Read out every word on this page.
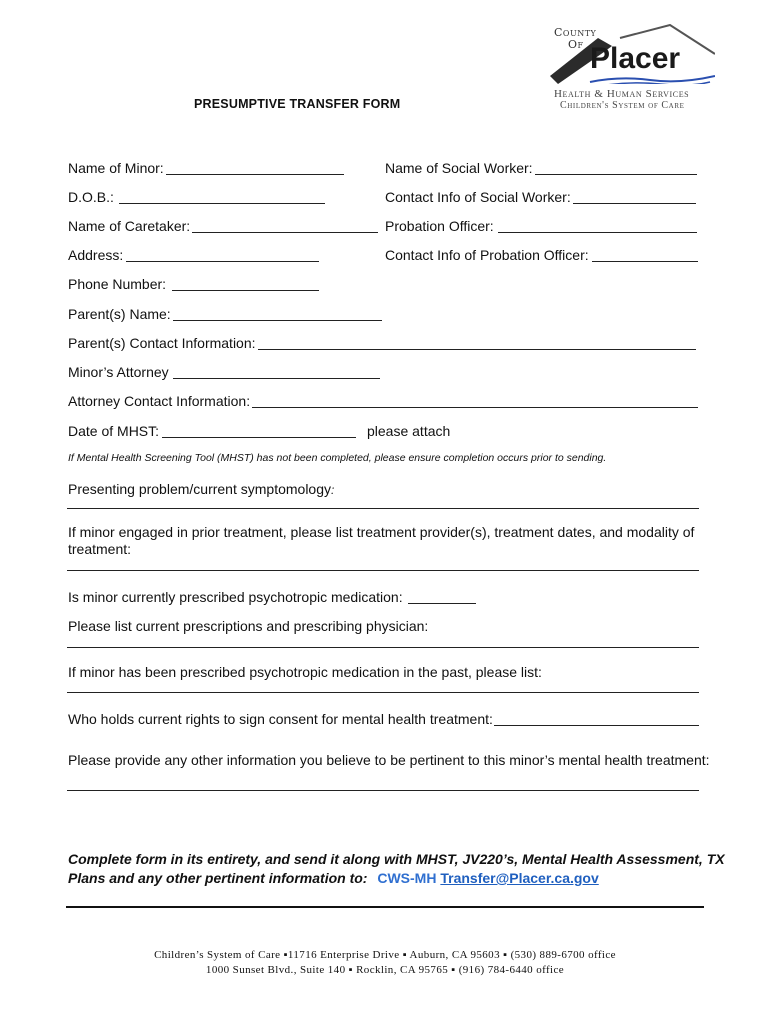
County
Of Placer
Health & Human Services
Children's System of Care
PRESUMPTIVE TRANSFER FORM
Name of Minor:	Name of Social Worker:
D.O.B.:	Contact Info of Social Worker:
Name of Caretaker:	Probation Officer:
Address:	Contact Info of Probation Officer:
Phone Number:
Parent(s) Name:
Parent(s) Contact Information:
Minor’s Attorney
Attorney Contact Information:
Date of MHST:	please attach
If Mental Health Screening Tool (MHST) has not been completed, please ensure completion occurs prior to sending.
Presenting problem/current symptomology:
If minor engaged in prior treatment, please list treatment provider(s), treatment dates, and modality of
treatment:
Is minor currently prescribed psychotropic medication:
Please list current prescriptions and prescribing physician:
If minor has been prescribed psychotropic medication in the past, please list:
Who holds current rights to sign consent for mental health treatment:
Please provide any other information you believe to be pertinent to this minor’s mental health treatment:
Complete form in its entirety, and send it along with MHST, JV220’s, Mental Health Assessment, TX
Plans and any other pertinent information to: CWS-MH Transfer@Placer.ca.gov
Children’s System of Care ▪11716 Enterprise Drive ▪ Auburn, CA 95603 ▪ (530) 889-6700 office
1000 Sunset Blvd., Suite 140 ▪ Rocklin, CA 95765 ▪ (916) 784-6440 office
